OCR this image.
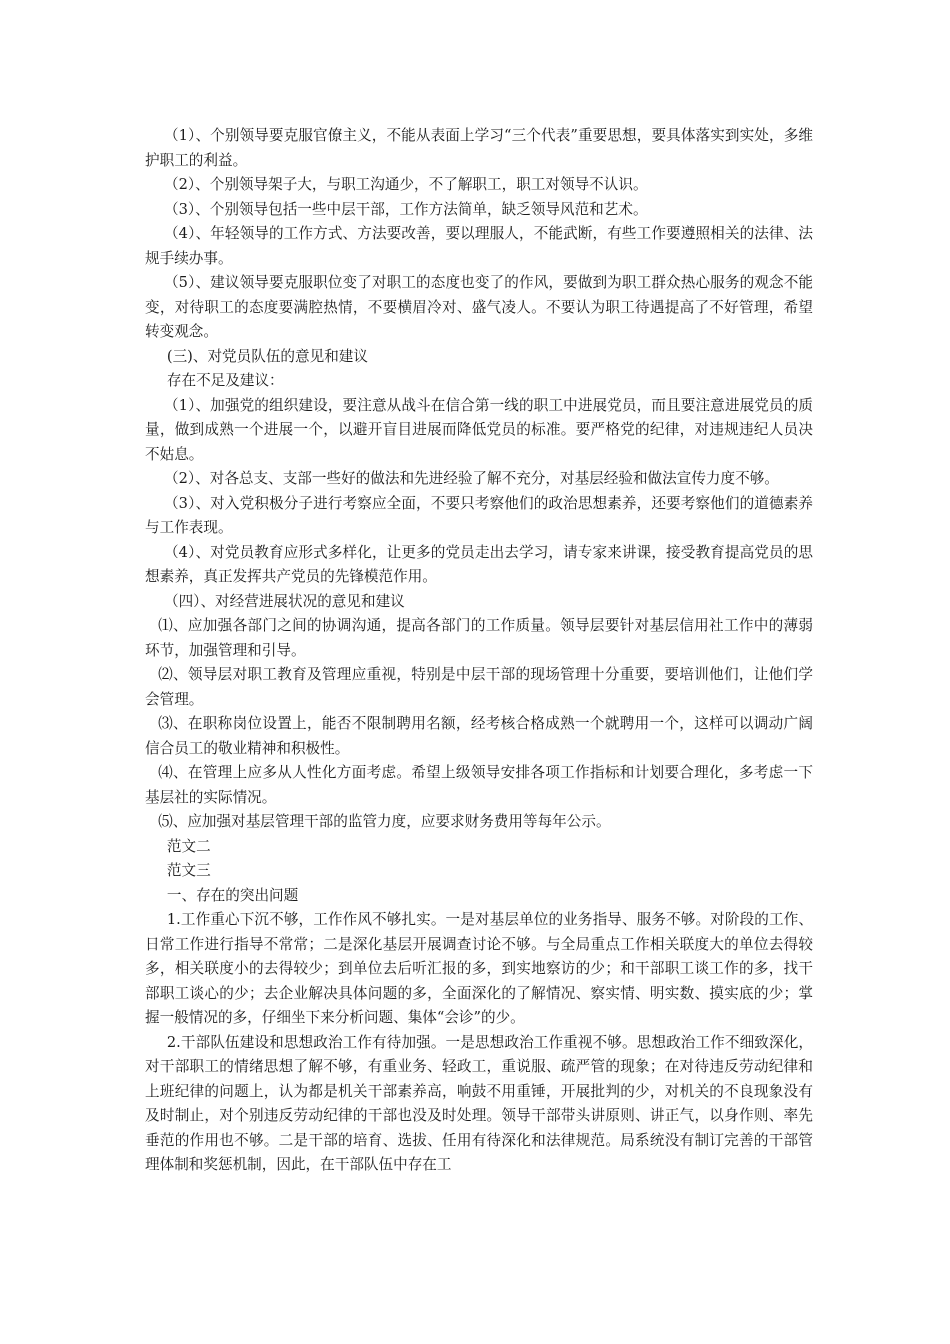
（1）、个别领导要克服官僚主义，不能从表面上学习“三个代表”重要思想，要具体落实到实处，多维护职工的利益。

（2）、个别领导架子大，与职工沟通少，不了解职工，职工对领导不认识。

（3）、个别领导包括一些中层干部，工作方法简单，缺乏领导风范和艺术。

（4）、年轻领导的工作方式、方法要改善，要以理服人，不能武断，有些工作要遵照相关的法律、法规手续办事。

（5）、建议领导要克服职位变了对职工的态度也变了的作风，要做到为职工群众热心服务的观念不能变，对待职工的态度要满腔热情，不要横眉冷对、盛气凌人。不要认为职工待遇提高了不好管理，希望转变观念。

(三)、对党员队伍的意见和建议

存在不足及建议：

（1）、加强党的组织建设，要注意从战斗在信合第一线的职工中进展党员，而且要注意进展党员的质量，做到成熟一个进展一个，以避开盲目进展而降低党员的标准。要严格党的纪律，对违规违纪人员决不姑息。

（2）、对各总支、支部一些好的做法和先进经验了解不充分，对基层经验和做法宣传力度不够。

（3）、对入党积极分子进行考察应全面，不要只考察他们的政治思想素养，还要考察他们的道德素养与工作表现。

（4）、对党员教育应形式多样化，让更多的党员走出去学习，请专家来讲课，接受教育提高党员的思想素养，真正发挥共产党员的先锋模范作用。

（四）、对经营进展状况的意见和建议

⑴、应加强各部门之间的协调沟通，提高各部门的工作质量。领导层要针对基层信用社工作中的薄弱环节，加强管理和引导。

⑵、领导层对职工教育及管理应重视，特别是中层干部的现场管理十分重要，要培训他们，让他们学会管理。

⑶、在职称岗位设置上，能否不限制聘用名额，经考核合格成熟一个就聘用一个，这样可以调动广阔信合员工的敬业精神和积极性。

⑷、在管理上应多从人性化方面考虑。希望上级领导安排各项工作指标和计划要合理化，多考虑一下基层社的实际情况。

⑸、应加强对基层管理干部的监管力度，应要求财务费用等每年公示。

范文二

范文三

一、存在的突出问题

1.工作重心下沉不够，工作作风不够扎实。一是对基层单位的业务指导、服务不够。对阶段的工作、日常工作进行指导不常常；二是深化基层开展调查讨论不够。与全局重点工作相关联度大的单位去得较多，相关联度小的去得较少；到单位去后听汇报的多，到实地察访的少；和干部职工谈工作的多，找干部职工谈心的少；去企业解决具体问题的多，全面深化的了解情况、察实情、明实数、摸实底的少；掌握一般情况的多，仔细坐下来分析问题、集体“会诊”的少。

2.干部队伍建设和思想政治工作有待加强。一是思想政治工作重视不够。思想政治工作不细致深化，对干部职工的情绪思想了解不够，有重业务、轻政工，重说服、疏严管的现象；在对待违反劳动纪律和上班纪律的问题上，认为都是机关干部素养高，响鼓不用重锤，开展批判的少，对机关的不良现象没有及时制止，对个别违反劳动纪律的干部也没及时处理。领导干部带头讲原则、讲正气，以身作则、率先垂范的作用也不够。二是干部的培育、选拔、任用有待深化和法律规范。局系统没有制订完善的干部管理体制和奖惩机制，因此，在干部队伍中存在工
